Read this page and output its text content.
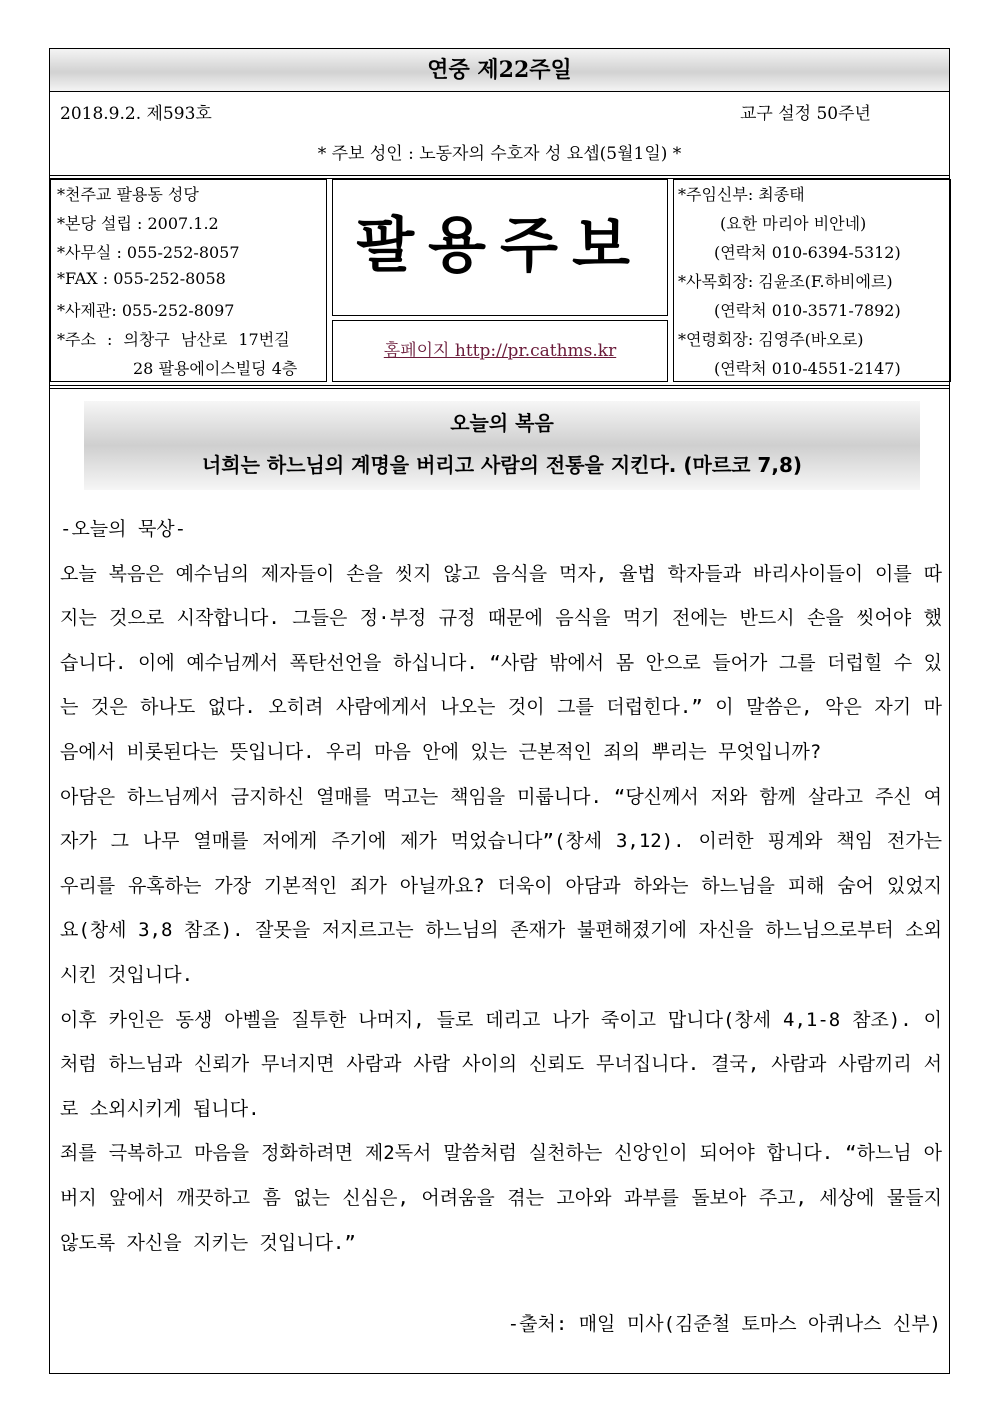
연중 제22주일
2018.9.2. 제593호	교구 설정 50주년
* 주보 성인 : 노동자의 수호자 성 요셉(5월1일) *
*천주교 팔용동 성당
*본당 설립 : 2007.1.2
*사무실 : 055-252-8057
*FAX : 055-252-8058
*사제관: 055-252-8097
*주소 : 의창구 남산로 17번길
28 팔용에이스빌딩 4층
팔용주보
홈페이지 http://pr.cathms.kr
*주임신부: 최종태
(요한 마리아 비안네)
(연락처 010-6394-5312)
*사목회장: 김윤조(F.하비에르)
(연락처 010-3571-7892)
*연령회장: 김영주(바오로)
(연락처 010-4551-2147)
오늘의 복음
너희는 하느님의 계명을 버리고 사람의 전통을 지킨다. (마르코 7,8)

-오늘의 묵상-

오늘 복음은 예수님의 제자들이 손을 씻지 않고 음식을 먹자, 율법 학자들과 바리사이들이 이를 따지는 것으로 시작합니다. 그들은 정·부정 규정 때문에 음식을 먹기 전에는 반드시 손을 씻어야 했습니다. 이에 예수님께서 폭탄선언을 하십니다. “사람 밖에서 몸 안으로 들어가 그를 더럽힐 수 있는 것은 하나도 없다. 오히려 사람에게서 나오는 것이 그를 더럽힌다.” 이 말씀은, 악은 자기 마음에서 비롯된다는 뜻입니다. 우리 마음 안에 있는 근본적인 죄의 뿌리는 무엇입니까?

아담은 하느님께서 금지하신 열매를 먹고는 책임을 미룹니다. “당신께서 저와 함께 살라고 주신 여자가 그 나무 열매를 저에게 주기에 제가 먹었습니다”(창세 3,12). 이러한 핑계와 책임 전가는 우리를 유혹하는 가장 기본적인 죄가 아닐까요? 더욱이 아담과 하와는 하느님을 피해 숨어 있었지요(창세 3,8 참조). 잘못을 저지르고는 하느님의 존재가 불편해졌기에 자신을 하느님으로부터 소외시킨 것입니다.

이후 카인은 동생 아벨을 질투한 나머지, 들로 데리고 나가 죽이고 맙니다(창세 4,1-8 참조). 이처럼 하느님과 신뢰가 무너지면 사람과 사람 사이의 신뢰도 무너집니다. 결국, 사람과 사람끼리 서로 소외시키게 됩니다.

죄를 극복하고 마음을 정화하려면 제2독서 말씀처럼 실천하는 신앙인이 되어야 합니다. “하느님 아버지 앞에서 깨끗하고 흠 없는 신심은, 어려움을 겪는 고아와 과부를 돌보아 주고, 세상에 물들지 않도록 자신을 지키는 것입니다.”

-출처: 매일 미사(김준철 토마스 아퀴나스 신부)
